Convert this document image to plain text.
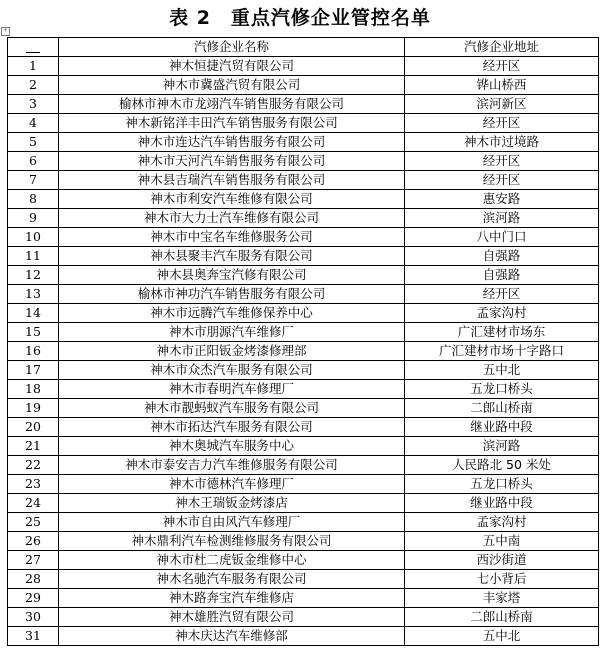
表 2　重点汽修企业管控名单
+
	汽修企业名称	汽修企业地址
1	神木恒捷汽贸有限公司	经开区
2	神木市冀盛汽贸有限公司	铧山桥西
3	榆林市神木市龙翊汽车销售服务有限公司	滨河新区
4	神木新铭洋丰田汽车销售服务有限公司	经开区
5	神木市连达汽车销售服务有限公司	神木市过境路
6	神木市天河汽车销售服务有限公司	经开区
7	神木县吉瑞汽车销售服务有限公司	经开区
8	神木市利安汽车维修有限公司	惠安路
9	神木市大力士汽车维修有限公司	滨河路
10	神木市中宝名车维修服务公司	八中门口
11	神木县聚丰汽车服务有限公司	自强路
12	神木县奥奔宝汽修有限公司	自强路
13	榆林市神功汽车销售服务有限公司	经开区
14	神木市远腾汽车维修保养中心	孟家沟村
15	神木市朋源汽车维修厂	广汇建材市场东
16	神木市正阳钣金烤漆修理部	广汇建材市场十字路口
17	神木市众杰汽车服务有限公司	五中北
18	神木市春明汽车修理厂	五龙口桥头
19	神木市靓蚂蚁汽车服务有限公司	二郎山桥南
20	神木市拓达汽车服务有限公司	继业路中段
21	神木奥城汽车服务中心	滨河路
22	神木市泰安吉力汽车维修服务有限公司	人民路北 50 米处
23	神木市德林汽车修理厂	五龙口桥头
24	神木王瑞钣金烤漆店	继业路中段
25	神木市自由风汽车修理厂	孟家沟村
26	神木鼎利汽车检测维修服务有限公司	五中南
27	神木市杜二虎钣金维修中心	西沙街道
28	神木名驰汽车服务有限公司	七小背后
29	神木路奔宝汽车维修店	丰家塔
30	神木雄胜汽贸有限公司	二郎山桥南
31	神木庆达汽车维修部	五中北
